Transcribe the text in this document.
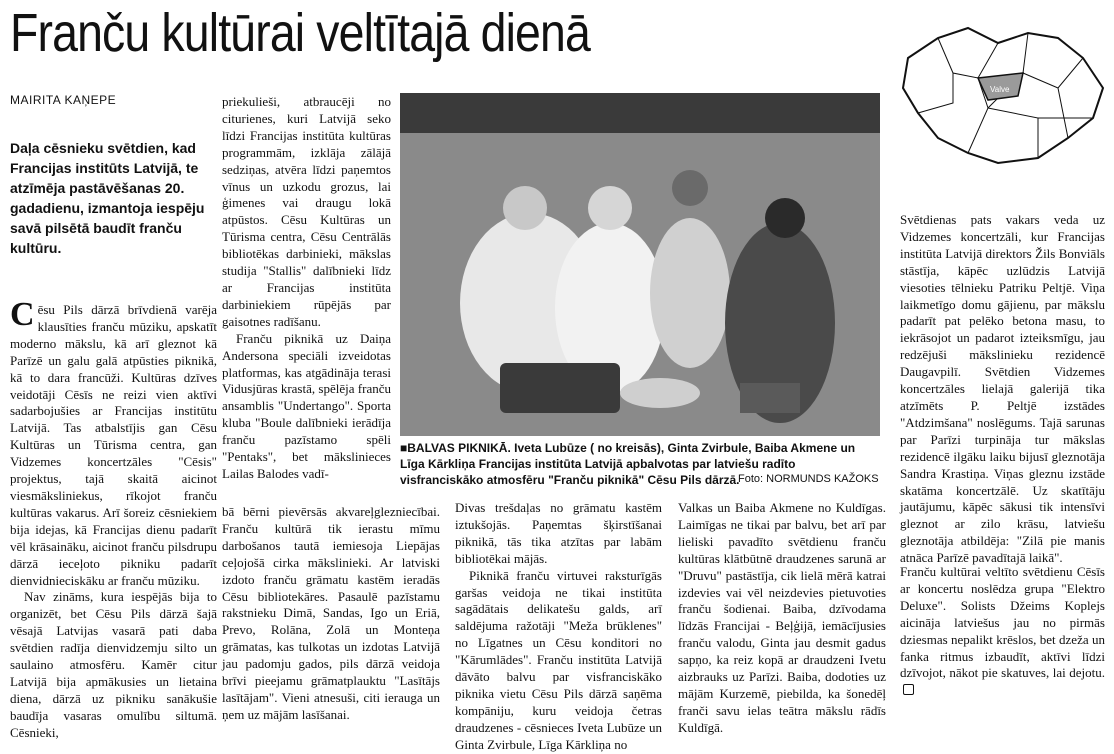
Franču kultūrai veltītajā dienā
MAIRITA KAŅEPE
Daļa cēsnieku svētdien, kad Francijas institūts Latvijā, te atzīmēja pastāvēšanas 20. gadadienu, izmantoja iespēju savā pilsētā baudīt franču kultūru.

Cēsu Pils dārzā brīvdienā varēja klausīties franču mūziku, apskatīt moderno mākslu, kā arī gleznot kā Parīzē un galu galā atpūsties piknikā, kā to dara francūži. Kultūras dzīves veidotāji Cēsīs ne reizi vien aktīvi sadarbojušies ar Francijas institūtu Latvijā. Tas atbalstījis gan Cēsu Kultūras un Tūrisma centra, gan Vidzemes koncertzāles "Cēsis" projektus, tajā skaitā aicinot viesmāksliniekus, rīkojot franču kultūras vakarus. Arī šoreiz cēsniekiem bija idejas, kā Francijas dienu padarīt vēl krāsaināku, aicinot franču pilsdrupu dārzā ieceļoto pikniku padarīt dienvidnieciskāku ar franču mūziku.

Nav zināms, kura iespējās bija to organizēt, bet Cēsu Pils dārzā šajā vēsajā Latvijas vasarā pati daba svētdien radīja dienvidzemju silto un saulaino atmosfēru. Kamēr citur Latvijā bija apmākusies un lietaina diena, dārzā uz pikniku sanākušie baudīja vasaras omulību siltumā. Cēsnieki,

priekulieši, atbraucēji no citurienes, kuri Latvijā seko līdzi Francijas institūta kultūras programmām, izklāja zālājā sedziņas, atvēra līdzi paņemtos vīnus un uzkodu grozus, lai ģimenes vai draugu lokā atpūstos. Cēsu Kultūras un Tūrisma centra, Cēsu Centrālās bibliotēkas darbinieki, mākslas studija "Stallis" dalībnieki līdz ar Francijas institūta darbiniekiem rūpējās par gaisotnes radīšanu.

Franču piknikā uz Daiņa Andersona speciāli izveidotas platformas, kas atgādināja terasi Vidusjūras krastā, spēlēja franču ansamblis "Undertango". Sporta kluba "Boule dalībnieki ierādīja franču pazīstamo spēli "Pentaks", bet mākslinieces Lailas Balodes vadī-

bā bērni pievērsās akvareļglezniecībai. Franču kultūrā tik ierastu mīmu darbošanos tautā iemiesoja Liepājas ceļojošā cirka mākslinieki. Ar latviski izdoto franču grāmatu kastēm ieradās Cēsu bibliotekāres. Pasaulē pazīstamu rakstnieku Dimā, Sandas, Igo un Eriā, Prevo, Rolāna, Zolā un Monteņa grāmatas, kas tulkotas un izdotas Latvijā jau padomju gados, pils dārzā veidoja brīvi pieejamu grāmatplauktu "Lasītājs lasītājam". Vieni atnesuši, citi ierauga un ņem uz mājām lasīšanai.

■BALVAS PIKNIKĀ. Iveta Lubūze ( no kreisās), Ginta Zvirbule, Baiba Akmene un Līga Kārkliņa Francijas institūta Latvijā apbalvotas par latviešu radīto visfranciskāko atmosfēru "Franču piknikā" Cēsu Pils dārzā.
Foto: NORMUNDS KAŽOKS

Divas trešdaļas no grāmatu kastēm iztukšojās. Paņemtas šķirstīšanai piknikā, tās tika atzītas par labām bibliotēkai mājās.

Piknikā franču virtuvei raksturīgās garšas veidoja ne tikai institūta sagādātais delikatešu galds, arī saldējuma ražotāji "Meža brūklenes" no Līgatnes un Cēsu konditori no "Kārumlādes". Franču institūta Latvijā dāvāto balvu par visfranciskāko piknika vietu Cēsu Pils dārzā saņēma kompāniju, kuru veidoja četras draudzenes - cēsnieces Iveta Lubūze un Ginta Zvirbule, Līga Kārkliņa no

Valkas un Baiba Akmene no Kuldīgas. Laimīgas ne tikai par balvu, bet arī par lieliski pavadīto svētdienu franču kultūras klātbūtnē draudzenes sarunā ar "Druvu" pastāstīja, cik lielā mērā katrai izdevies vai vēl neizdevies pietuvoties franču šodienai. Baiba, dzīvodama līdzās Francijai - Beļģijā, iemācījusies franču valodu, Ginta jau desmit gadus sapņo, ka reiz kopā ar draudzeni Ivetu aizbrauks uz Parīzi. Baiba, dodoties uz mājām Kurzemē, piebilda, ka šonedēļ franči savu ielas teātra mākslu rādīs Kuldīgā.

Valve

Svētdienas pats vakars veda uz Vidzemes koncertzāli, kur Francijas institūta Latvijā direktors Žils Bonviāls stāstīja, kāpēc uzlūdzis Latvijā viesoties tēlnieku Patriku Peltjē. Viņa laikmetīgo domu gājienu, par mākslu padarīt pat pelēko betona masu, to iekrāsojot un padarot izteiksmīgu, jau redzējuši mākslinieku rezidencē Daugavpilī. Svētdien Vidzemes koncertzāles lielajā galerijā tika atzīmēts P. Peltjē izstādes "Atdzimšana" noslēgums. Tajā sarunas par Parīzi turpināja tur mākslas rezidencē ilgāku laiku bijusī gleznotāja Sandra Krastiņa. Viņas gleznu izstāde skatāma koncertzālē. Uz skatītāju jautājumu, kāpēc sākusi tik intensīvi gleznot ar zilo krāsu, latviešu gleznotāja atbildēja: "Zilā pie manis atnāca Parīzē pavadītajā laikā".

Franču kultūrai veltīto svētdienu Cēsīs ar koncertu noslēdza grupa "Elektro Deluxe". Solists Džeims Koplejs aicināja latviešus jau no pirmās dziesmas nepalikt krēslos, bet dzeža un fanka ritmus izbaudīt, aktīvi līdzi dzīvojot, nākot pie skatuves, lai dejotu.
